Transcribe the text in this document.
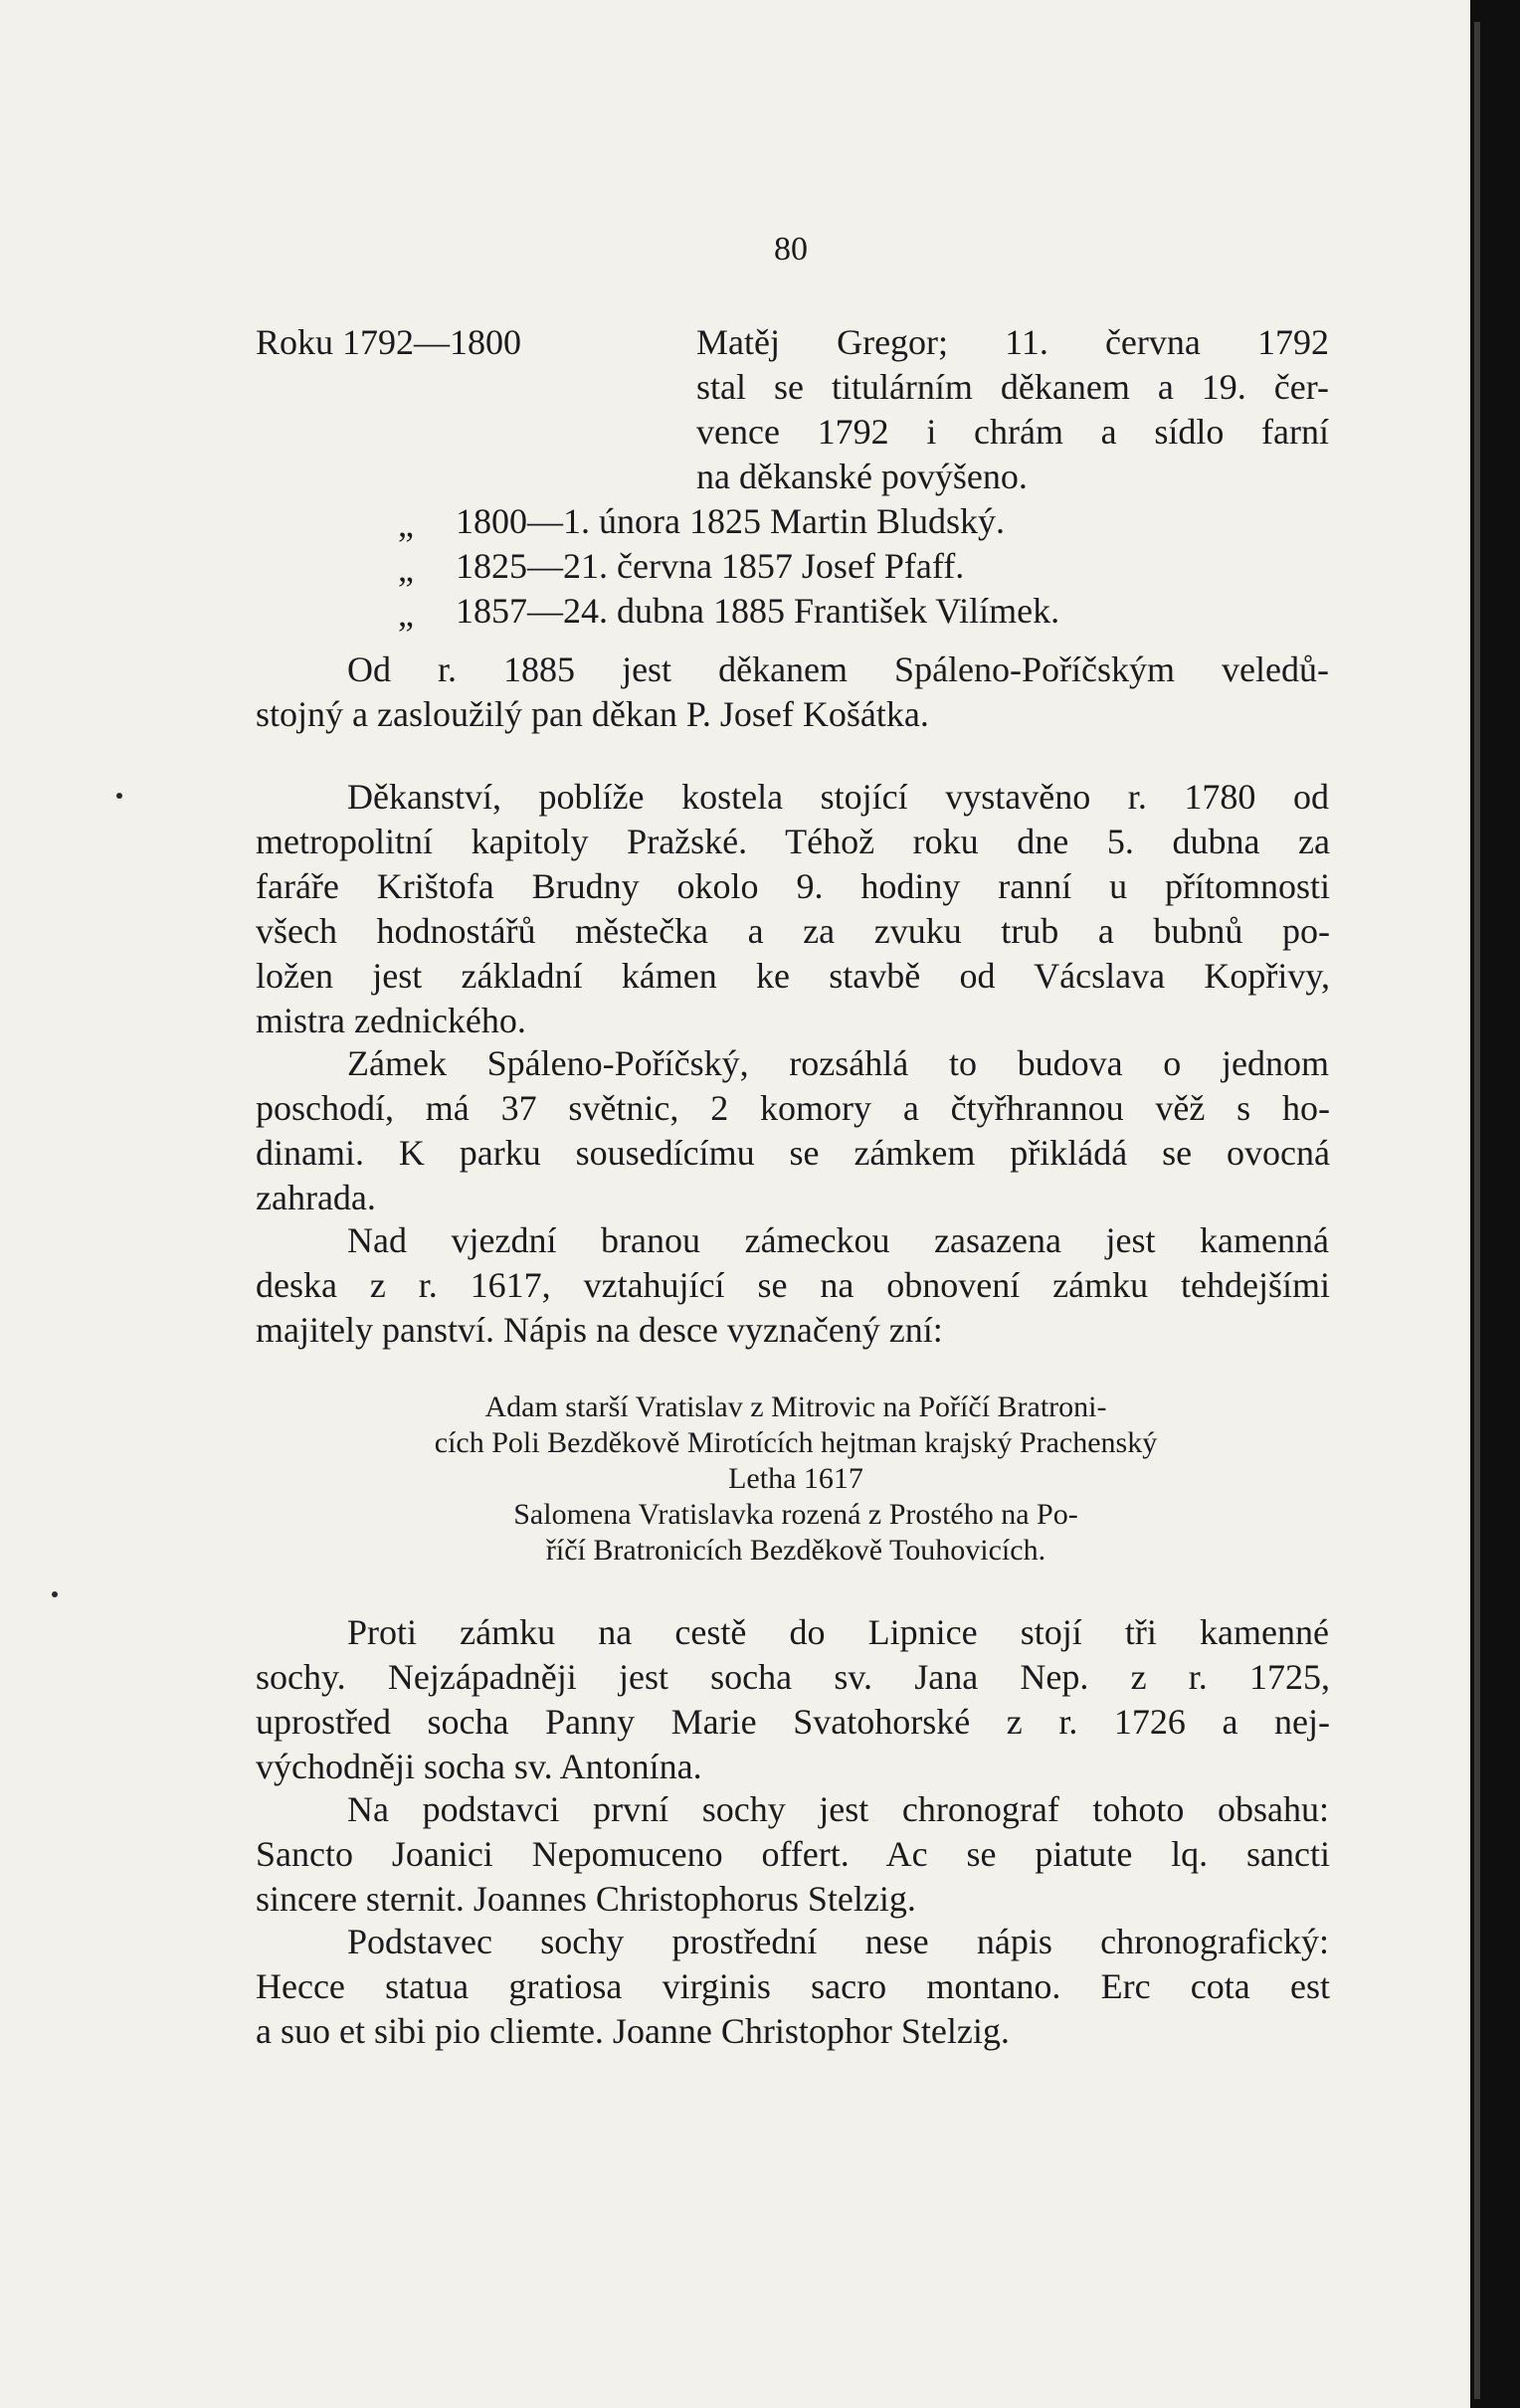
80
Roku 1792—1800	Matěj Gregor; 11. června 1792
stal se titulárním děkanem a 19. čer-
vence 1792 i chrám a sídlo farní
na děkanské povýšeno.
„ 1800—1. února 1825 Martin Bludský.
„ 1825—21. června 1857 Josef Pfaff.
„ 1857—24. dubna 1885 František Vilímek.
Od r. 1885 jest děkanem Spáleno-Poříčským veledů-
stojný a zasloužilý pan děkan P. Josef Košátka.
Děkanství, poblíže kostela stojící vystavěno r. 1780 od
metropolitní kapitoly Pražské. Téhož roku dne 5. dubna za
faráře Krištofa Brudny okolo 9. hodiny ranní u přítomnosti
všech hodnostářů městečka a za zvuku trub a bubnů po-
ložen jest základní kámen ke stavbě od Vácslava Kopřivy,
mistra zednického.
Zámek Spáleno-Poříčský, rozsáhlá to budova o jednom
poschodí, má 37 světnic, 2 komory a čtyřhrannou věž s ho-
dinami. K parku sousedícímu se zámkem přikládá se ovocná
zahrada.
Nad vjezdní branou zámeckou zasazena jest kamenná
deska z r. 1617, vztahující se na obnovení zámku tehdejšími
majitely panství. Nápis na desce vyznačený zní:
Adam starší Vratislav z Mitrovic na Poříčí Bratroni-
cích Poli Bezděkově Mirotících hejtman krajský Prachenský
Letha 1617
Salomena Vratislavka rozená z Prostého na Po-
říčí Bratronicích Bezděkově Touhovicích.
Proti zámku na cestě do Lipnice stojí tři kamenné
sochy. Nejzápadněji jest socha sv. Jana Nep. z r. 1725,
uprostřed socha Panny Marie Svatohorské z r. 1726 a nej-
východněji socha sv. Antonína.
Na podstavci první sochy jest chronograf tohoto obsahu:
Sancto Joanici Nepomuceno offert. Ac se piatute lq. sancti
sincere sternit. Joannes Christophorus Stelzig.
Podstavec sochy prostřední nese nápis chronografický:
Hecce statua gratiosa virginis sacro montano. Erc cota est
a suo et sibi pio cliemte. Joanne Christophor Stelzig.
